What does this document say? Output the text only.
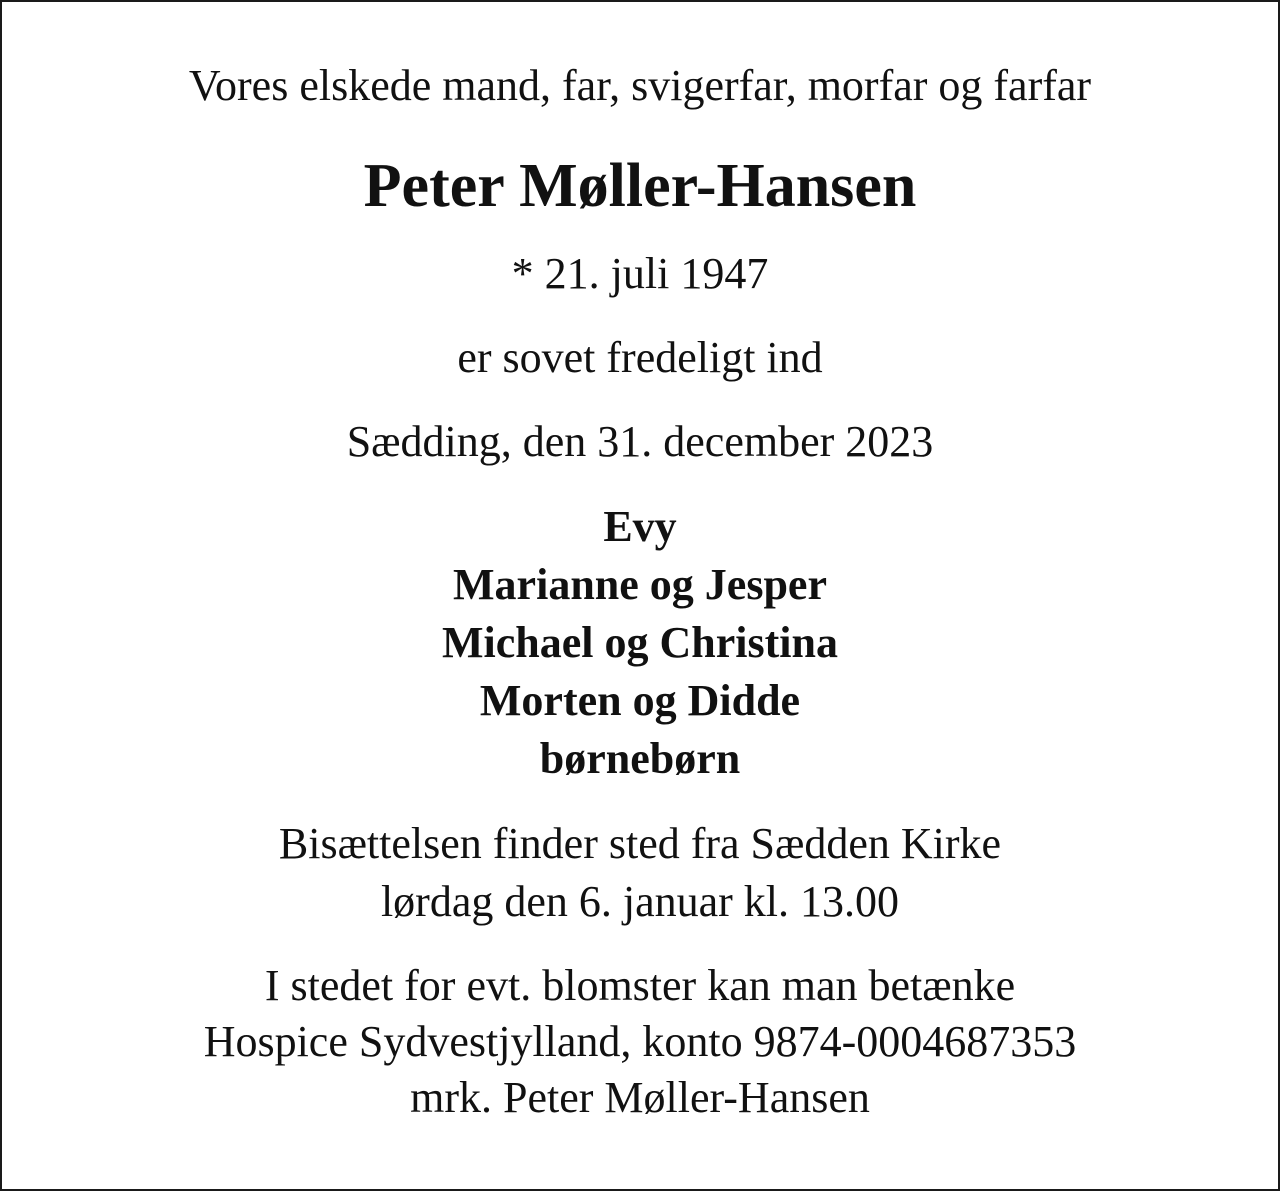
Vores elskede mand, far, svigerfar, morfar og farfar
Peter Møller-Hansen
* 21. juli 1947
er sovet fredeligt ind
Sædding, den 31. december 2023
Evy
Marianne og Jesper
Michael og Christina
Morten og Didde
børnebørn
Bisættelsen finder sted fra Sædden Kirke
lørdag den 6. januar kl. 13.00
I stedet for evt. blomster kan man betænke
Hospice Sydvestjylland, konto 9874-0004687353
mrk. Peter Møller-Hansen
